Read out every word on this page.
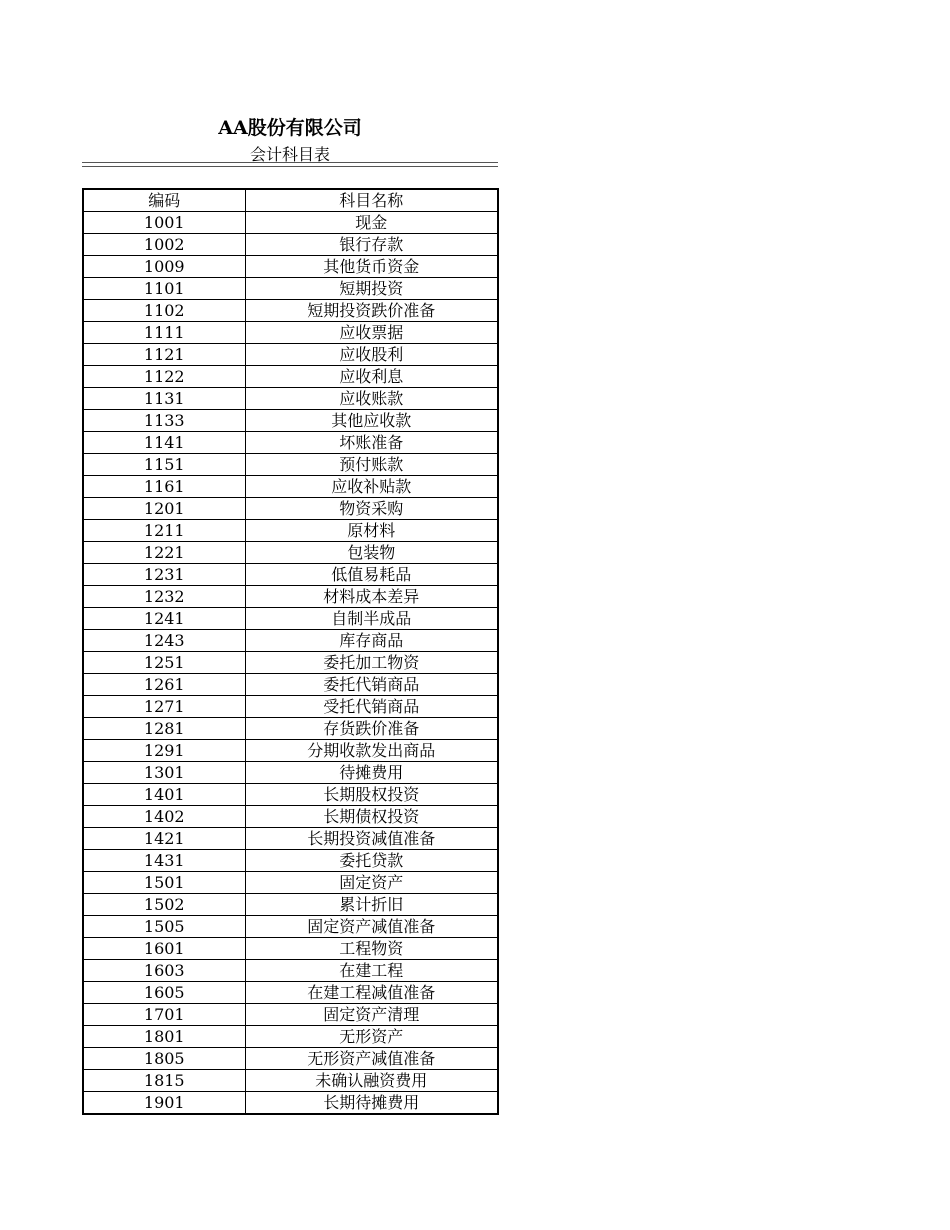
AA股份有限公司
会计科目表
编码	科目名称
1001	现金
1002	银行存款
1009	其他货币资金
1101	短期投资
1102	短期投资跌价准备
1111	应收票据
1121	应收股利
1122	应收利息
1131	应收账款
1133	其他应收款
1141	坏账准备
1151	预付账款
1161	应收补贴款
1201	物资采购
1211	原材料
1221	包装物
1231	低值易耗品
1232	材料成本差异
1241	自制半成品
1243	库存商品
1251	委托加工物资
1261	委托代销商品
1271	受托代销商品
1281	存货跌价准备
1291	分期收款发出商品
1301	待摊费用
1401	长期股权投资
1402	长期债权投资
1421	长期投资减值准备
1431	委托贷款
1501	固定资产
1502	累计折旧
1505	固定资产减值准备
1601	工程物资
1603	在建工程
1605	在建工程减值准备
1701	固定资产清理
1801	无形资产
1805	无形资产减值准备
1815	未确认融资费用
1901	长期待摊费用
